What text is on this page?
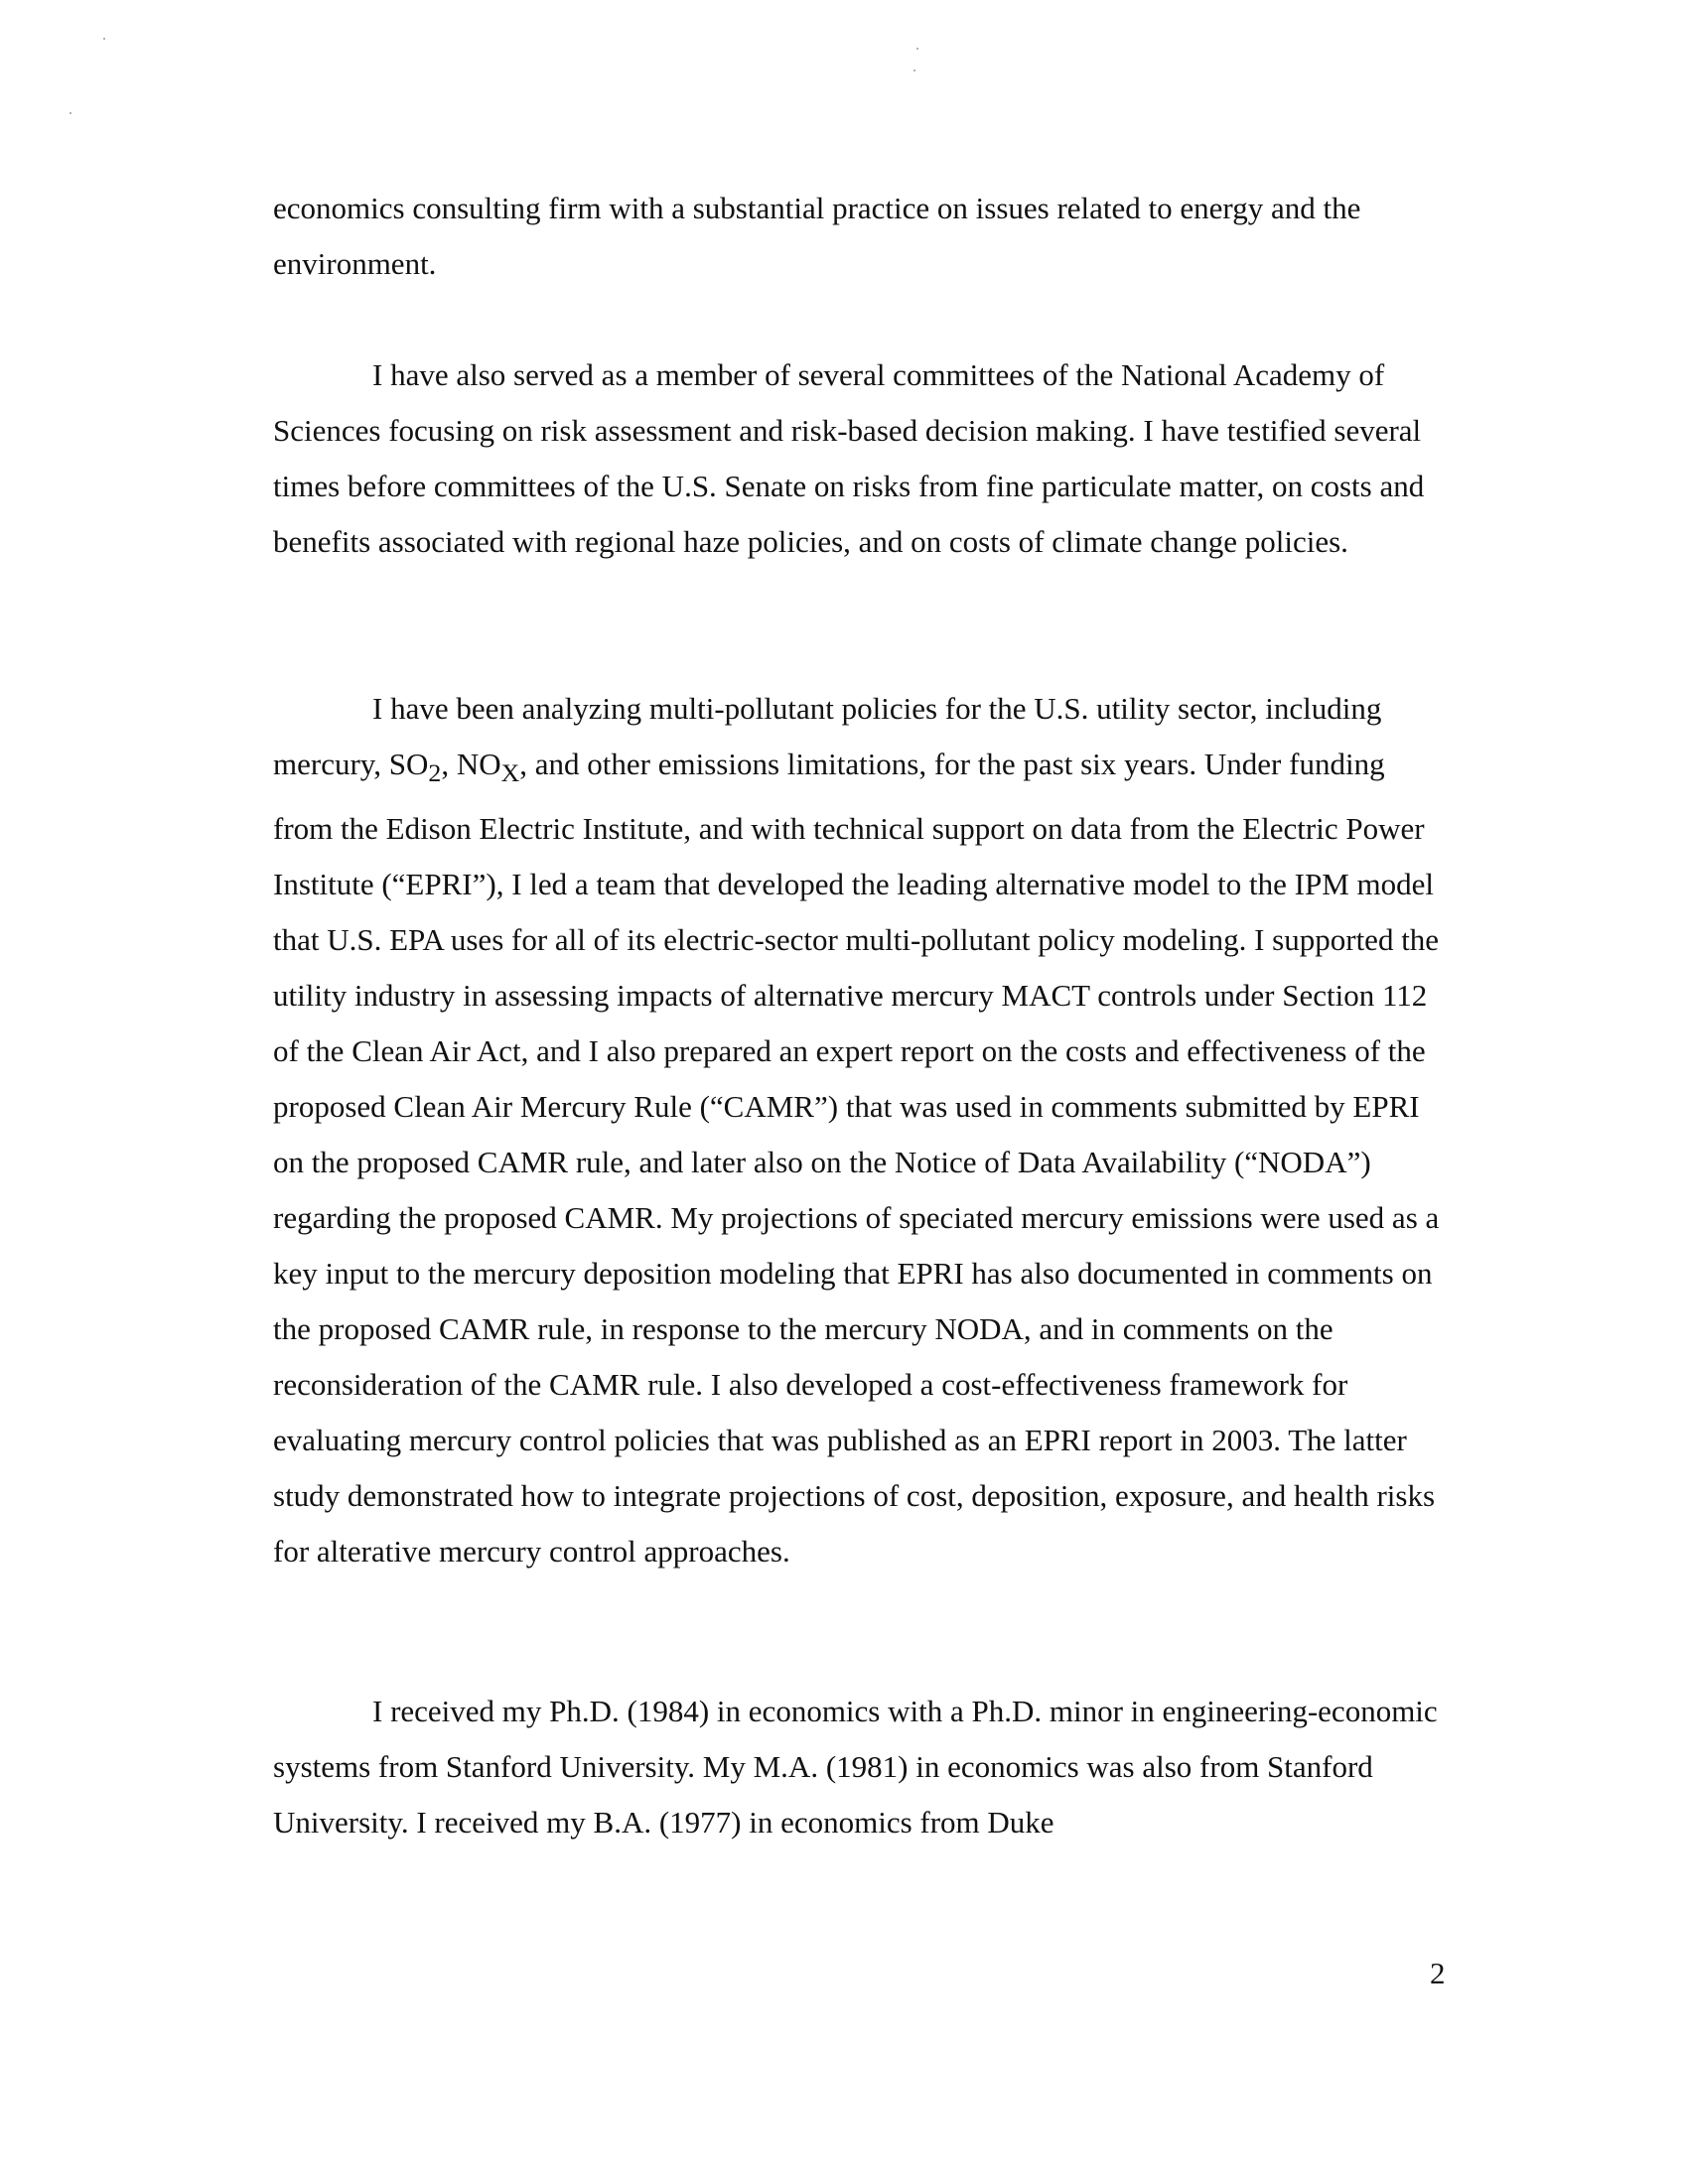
economics consulting firm with a substantial practice on issues related to energy and the environment.

I have also served as a member of several committees of the National Academy of Sciences focusing on risk assessment and risk-based decision making. I have testified several times before committees of the U.S. Senate on risks from fine particulate matter, on costs and benefits associated with regional haze policies, and on costs of climate change policies.

I have been analyzing multi-pollutant policies for the U.S. utility sector, including mercury, $SO_2$, $NO_X$, and other emissions limitations, for the past six years. Under funding from the Edison Electric Institute, and with technical support on data from the Electric Power Institute (“EPRI”), I led a team that developed the leading alternative model to the IPM model that U.S. EPA uses for all of its electric-sector multi-pollutant policy modeling. I supported the utility industry in assessing impacts of alternative mercury MACT controls under Section 112 of the Clean Air Act, and I also prepared an expert report on the costs and effectiveness of the proposed Clean Air Mercury Rule (“CAMR”) that was used in comments submitted by EPRI on the proposed CAMR rule, and later also on the Notice of Data Availability (“NODA”) regarding the proposed CAMR. My projections of speciated mercury emissions were used as a key input to the mercury deposition modeling that EPRI has also documented in comments on the proposed CAMR rule, in response to the mercury NODA, and in comments on the reconsideration of the CAMR rule. I also developed a cost-effectiveness framework for evaluating mercury control policies that was published as an EPRI report in 2003. The latter study demonstrated how to integrate projections of cost, deposition, exposure, and health risks for alterative mercury control approaches.

I received my Ph.D. (1984) in economics with a Ph.D. minor in engineering-economic systems from Stanford University. My M.A. (1981) in economics was also from Stanford University. I received my B.A. (1977) in economics from Duke

2
